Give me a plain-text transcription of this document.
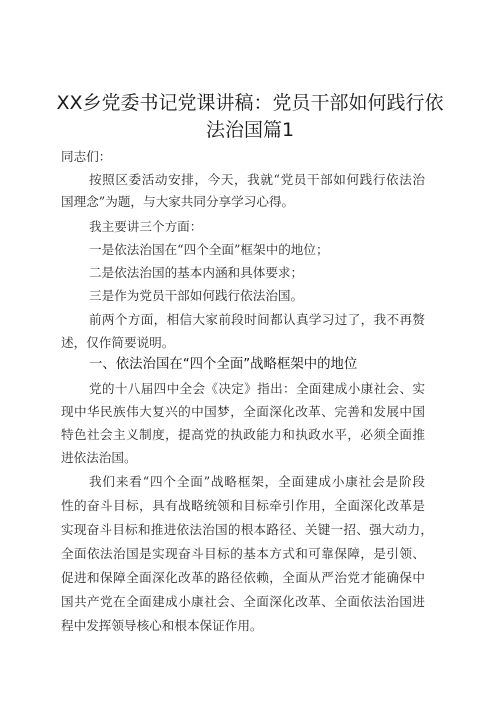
XX乡党委书记党课讲稿：党员干部如何践行依
法治国篇1

同志们：

按照区委活动安排，今天，我就“党员干部如何践行依法治

国理念”为题，与大家共同分享学习心得。

我主要讲三个方面：

一是依法治国在“四个全面”框架中的地位；

二是依法治国的基本内涵和具体要求；

三是作为党员干部如何践行依法治国。

前两个方面，相信大家前段时间都认真学习过了，我不再赘

述，仅作简要说明。

一、依法治国在“四个全面”战略框架中的地位

党的十八届四中全会《决定》指出：全面建成小康社会、实

现中华民族伟大复兴的中国梦，全面深化改革、完善和发展中国

特色社会主义制度，提高党的执政能力和执政水平，必须全面推

进依法治国。

我们来看“四个全面”战略框架，全面建成小康社会是阶段

性的奋斗目标，具有战略统领和目标牵引作用，全面深化改革是

实现奋斗目标和推进依法治国的根本路径、关键一招、强大动力，

全面依法治国是实现奋斗目标的基本方式和可靠保障，是引领、

促进和保障全面深化改革的路径依赖，全面从严治党才能确保中

国共产党在全面建成小康社会、全面深化改革、全面依法治国进

程中发挥领导核心和根本保证作用。
